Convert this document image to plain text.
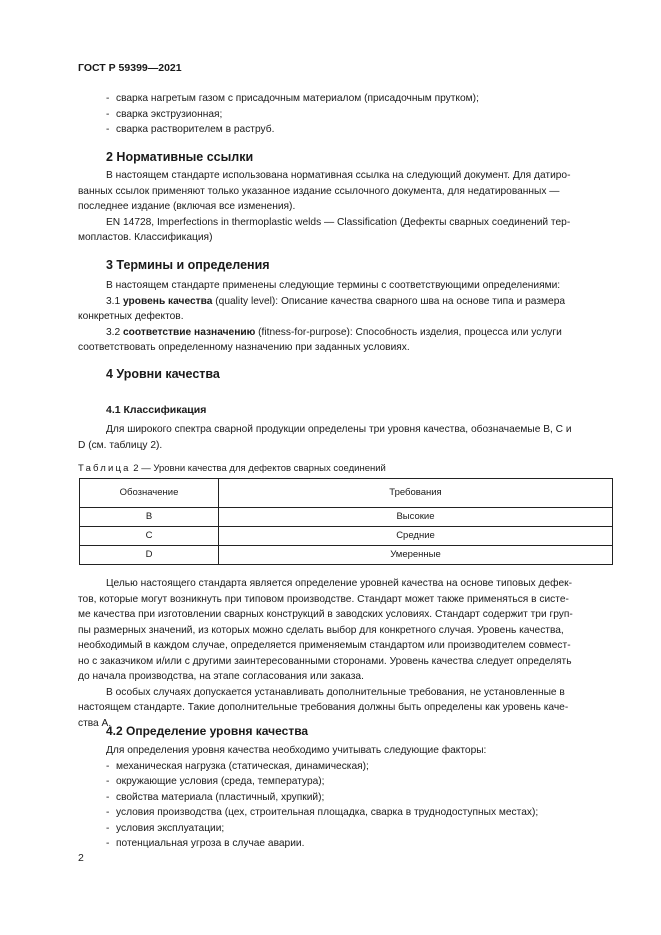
ГОСТ Р 59399—2021
- сварка нагретым газом с присадочным материалом (присадочным прутком);
- сварка экструзионная;
- сварка растворителем в раструб.
2 Нормативные ссылки
В настоящем стандарте использована нормативная ссылка на следующий документ. Для датиро-
ванных ссылок применяют только указанное издание ссылочного документа, для недатированных —
последнее издание (включая все изменения).
EN 14728, Imperfections in thermoplastic welds — Classification (Дефекты сварных соединений тер-
мопластов. Классификация)
3 Термины и определения
В настоящем стандарте применены следующие термины с соответствующими определениями:
3.1 уровень качества (quality level): Описание качества сварного шва на основе типа и размера
конкретных дефектов.
3.2 соответствие назначению (fitness-for-purpose): Способность изделия, процесса или услуги
соответствовать определенному назначению при заданных условиях.
4 Уровни качества
4.1 Классификация
Для широкого спектра сварной продукции определены три уровня качества, обозначаемые B, C и
D (см. таблицу 2).
Таблица 2 — Уровни качества для дефектов сварных соединений
Обозначение	Требования
B	Высокие
C	Средние
D	Умеренные
Целью настоящего стандарта является определение уровней качества на основе типовых дефек-
тов, которые могут возникнуть при типовом производстве. Стандарт может также применяться в систе-
ме качества при изготовлении сварных конструкций в заводских условиях. Стандарт содержит три груп-
пы размерных значений, из которых можно сделать выбор для конкретного случая. Уровень качества,
необходимый в каждом случае, определяется применяемым стандартом или производителем совмест-
но с заказчиком и/или с другими заинтересованными сторонами. Уровень качества следует определять
до начала производства, на этапе согласования или заказа.
В особых случаях допускается устанавливать дополнительные требования, не установленные в
настоящем стандарте. Такие дополнительные требования должны быть определены как уровень каче-
ства А.
4.2 Определение уровня качества
Для определения уровня качества необходимо учитывать следующие факторы:
- механическая нагрузка (статическая, динамическая);
- окружающие условия (среда, температура);
- свойства материала (пластичный, хрупкий);
- условия производства (цех, строительная площадка, сварка в труднодоступных местах);
- условия эксплуатации;
- потенциальная угроза в случае аварии.
2
